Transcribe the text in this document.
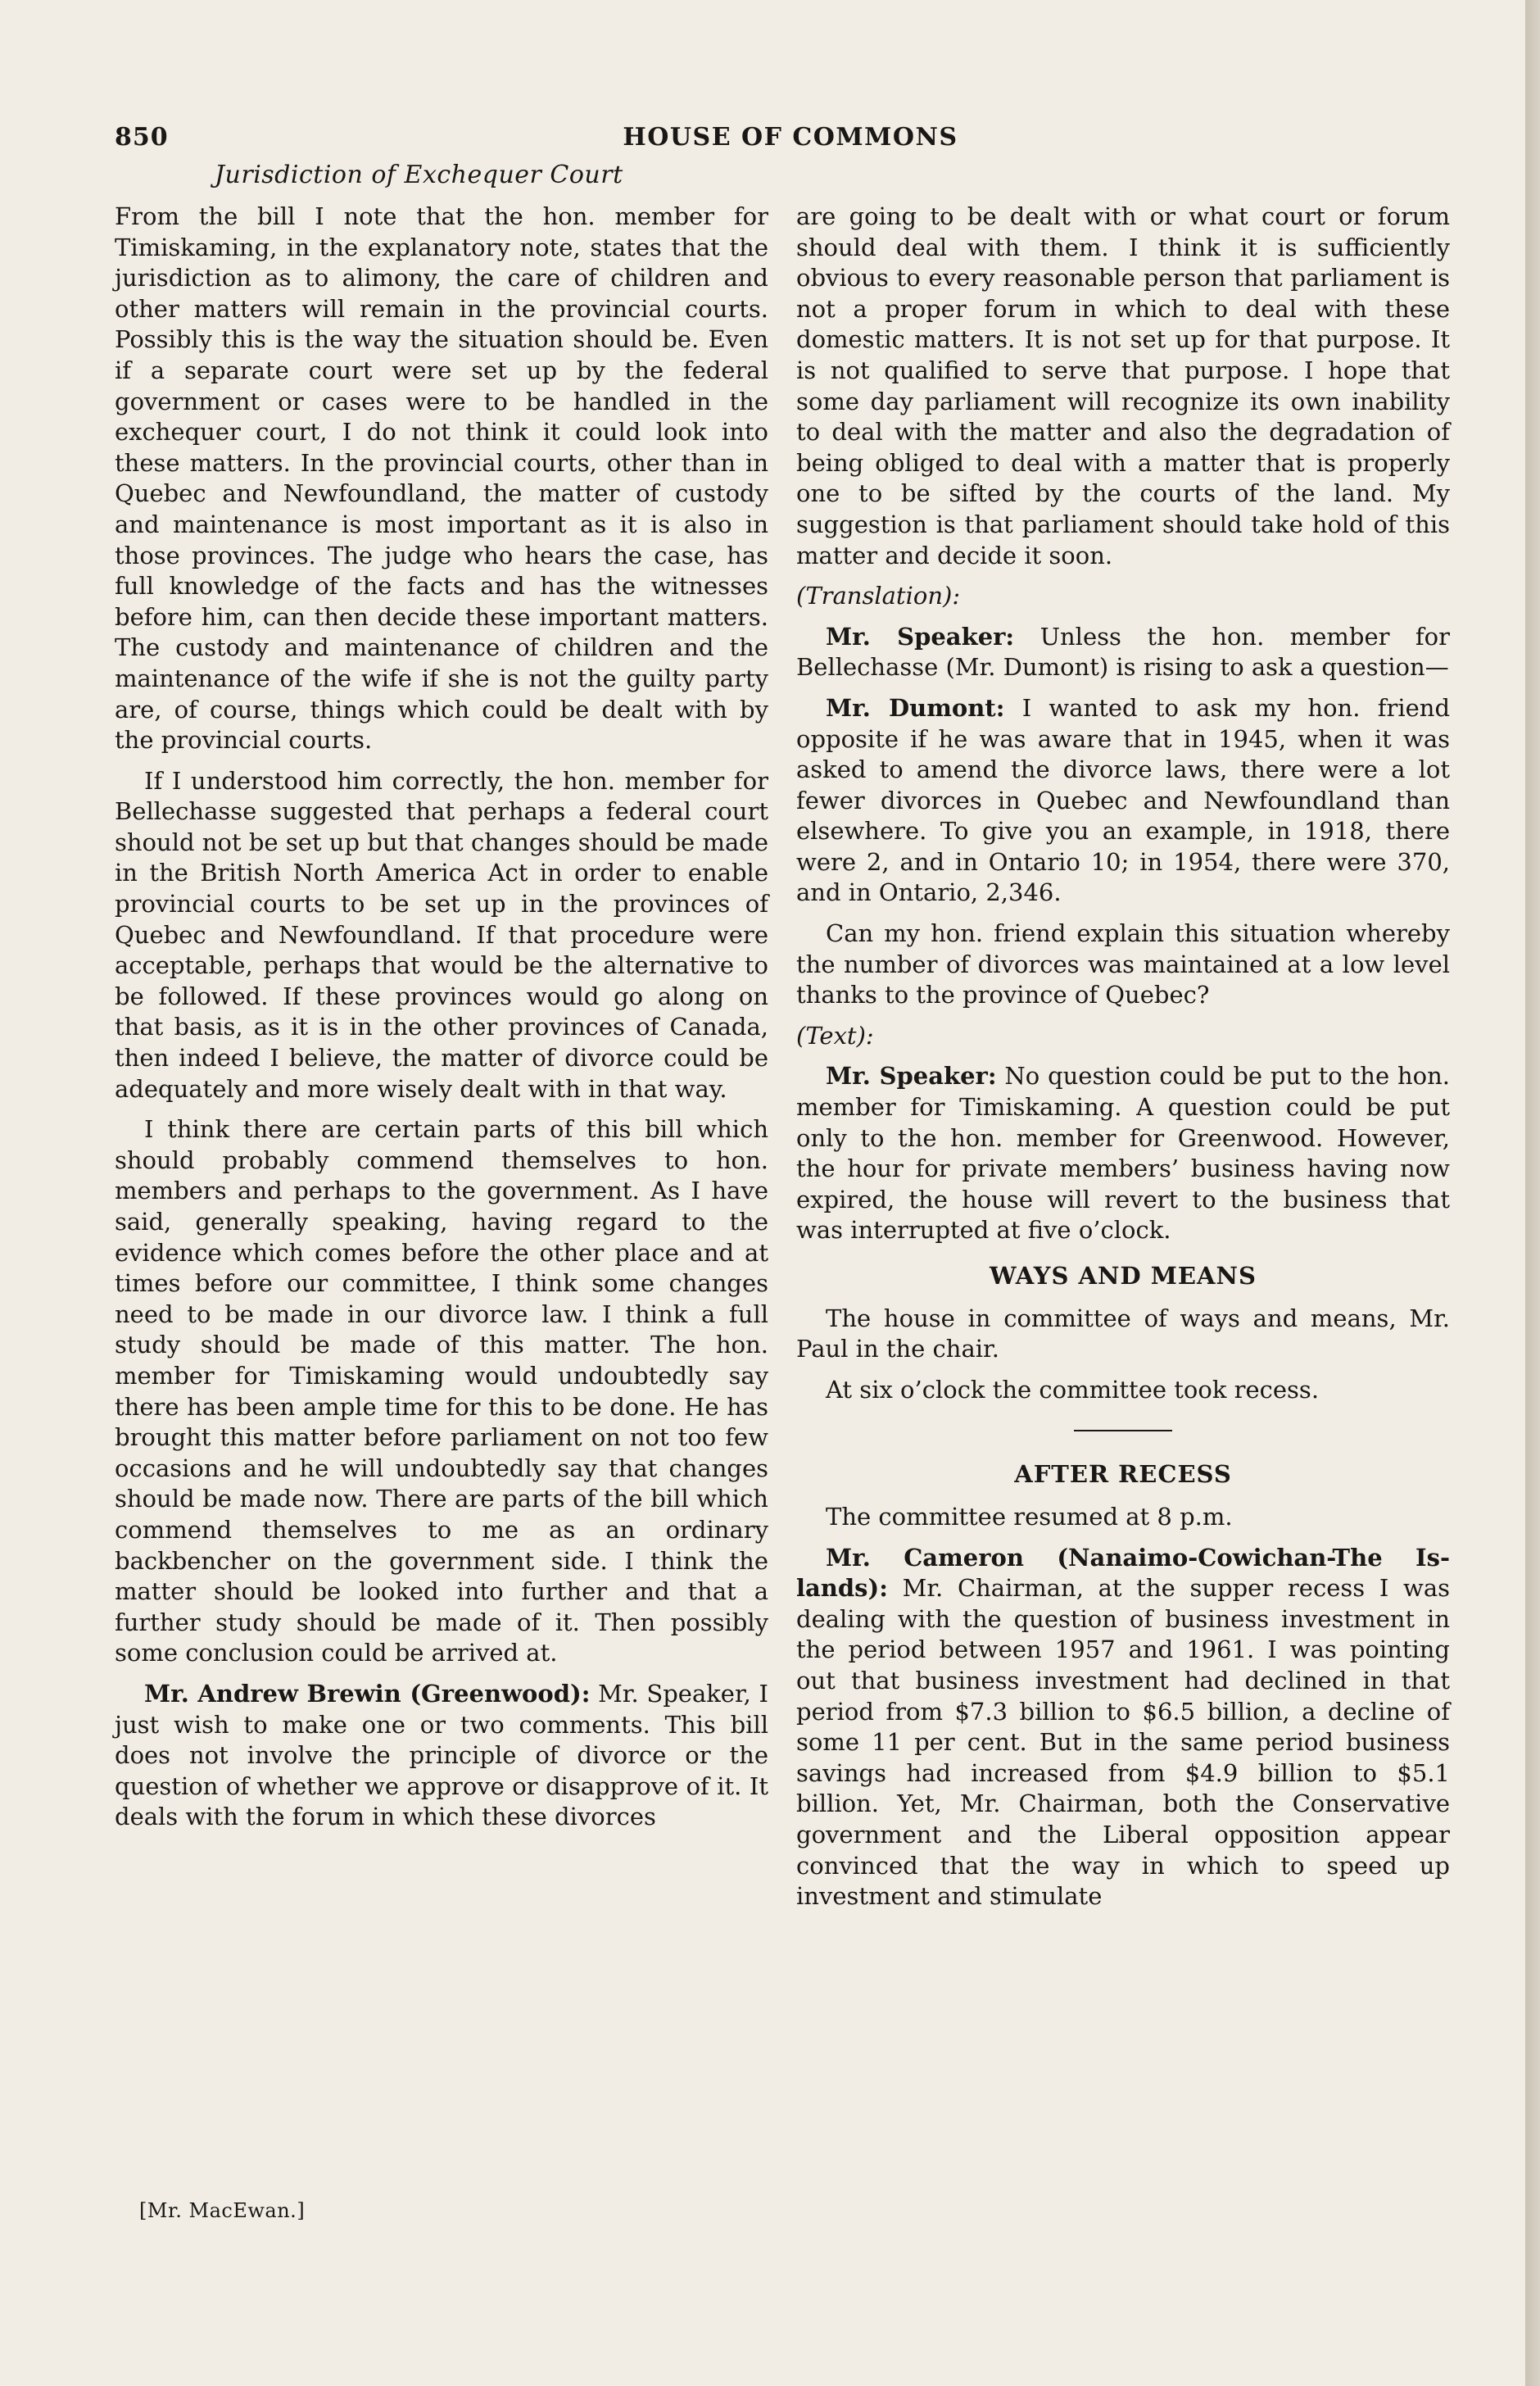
850	HOUSE OF COMMONS
Jurisdiction of Exchequer Court

From the bill I note that the hon. member for Timiskaming, in the explanatory note, states that the jurisdiction as to alimony, the care of children and other matters will remain in the provincial courts. Possibly this is the way the situation should be. Even if a separate court were set up by the federal government or cases were to be handled in the exchequer court, I do not think it could look into these matters. In the provincial courts, other than in Quebec and Newfoundland, the matter of custody and maintenance is most important as it is also in those provinces. The judge who hears the case, has full knowledge of the facts and has the witnesses before him, can then decide these important matters. The custody and maintenance of children and the maintenance of the wife if she is not the guilty party are, of course, things which could be dealt with by the provincial courts.

If I understood him correctly, the hon. member for Bellechasse suggested that perhaps a federal court should not be set up but that changes should be made in the British North America Act in order to enable provincial courts to be set up in the provinces of Quebec and Newfoundland. If that procedure were acceptable, perhaps that would be the alternative to be followed. If these provinces would go along on that basis, as it is in the other provinces of Canada, then indeed I believe, the matter of divorce could be adequately and more wisely dealt with in that way.

I think there are certain parts of this bill which should probably commend themselves to hon. members and perhaps to the government. As I have said, generally speaking, having regard to the evidence which comes before the other place and at times before our committee, I think some changes need to be made in our divorce law. I think a full study should be made of this matter. The hon. member for Timiskaming would undoubtedly say there has been ample time for this to be done. He has brought this matter before parliament on not too few occasions and he will undoubtedly say that changes should be made now. There are parts of the bill which commend themselves to me as an ordinary backbencher on the government side. I think the matter should be looked into further and that a further study should be made of it. Then possibly some conclusion could be arrived at.

Mr. Andrew Brewin (Greenwood): Mr. Speaker, I just wish to make one or two comments. This bill does not involve the principle of divorce or the question of whether we approve or disapprove of it. It deals with the forum in which these divorces

[Mr. MacEwan.]

are going to be dealt with or what court or forum should deal with them. I think it is sufficiently obvious to every reasonable person that parliament is not a proper forum in which to deal with these domestic matters. It is not set up for that purpose. It is not qualified to serve that purpose. I hope that some day parliament will recognize its own inability to deal with the matter and also the degradation of being obliged to deal with a matter that is properly one to be sifted by the courts of the land. My suggestion is that parliament should take hold of this matter and decide it soon.

(Translation):

Mr. Speaker: Unless the hon. member for Bellechasse (Mr. Dumont) is rising to ask a question—

Mr. Dumont: I wanted to ask my hon. friend opposite if he was aware that in 1945, when it was asked to amend the divorce laws, there were a lot fewer divorces in Quebec and Newfoundland than elsewhere. To give you an example, in 1918, there were 2, and in Ontario 10; in 1954, there were 370, and in Ontario, 2,346.

Can my hon. friend explain this situation whereby the number of divorces was maintained at a low level thanks to the province of Quebec?

(Text):

Mr. Speaker: No question could be put to the hon. member for Timiskaming. A question could be put only to the hon. member for Greenwood. However, the hour for private members’ business having now expired, the house will revert to the business that was interrupted at five o’clock.

WAYS AND MEANS

The house in committee of ways and means, Mr. Paul in the chair.

At six o’clock the committee took recess.

AFTER RECESS

The committee resumed at 8 p.m.

Mr. Cameron (Nanaimo-Cowichan-The Islands): Mr. Chairman, at the supper recess I was dealing with the question of business investment in the period between 1957 and 1961. I was pointing out that business investment had declined in that period from $7.3 billion to $6.5 billion, a decline of some 11 per cent. But in the same period business savings had increased from $4.9 billion to $5.1 billion. Yet, Mr. Chairman, both the Conservative government and the Liberal opposition appear convinced that the way in which to speed up investment and stimulate
